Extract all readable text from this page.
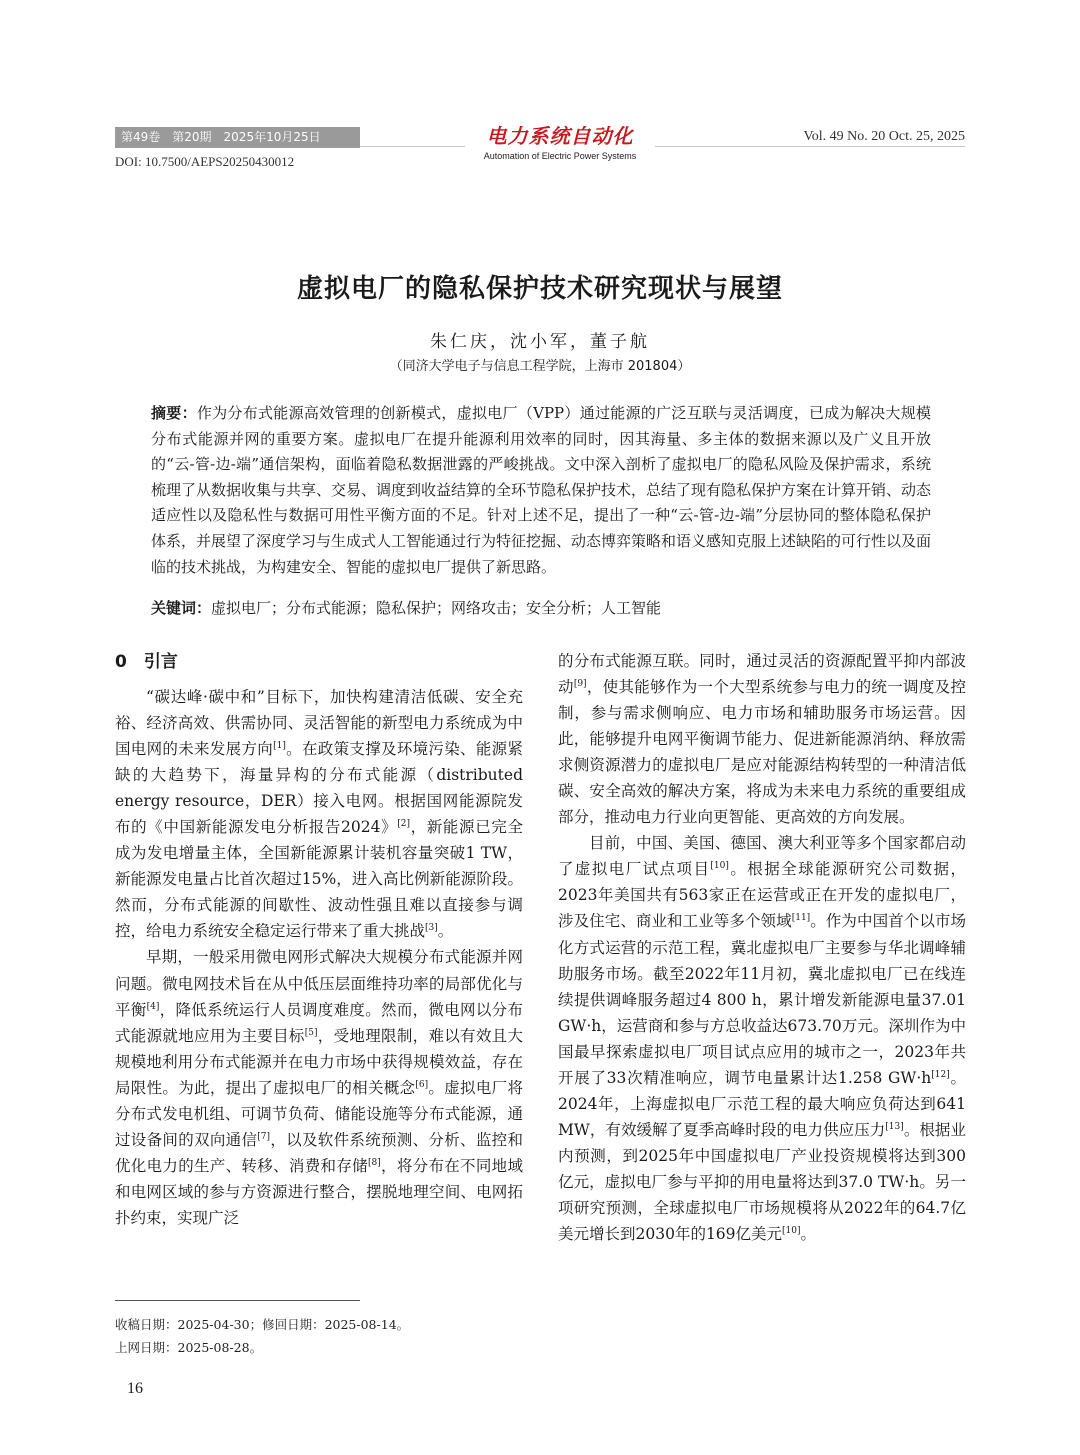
第49卷　第20期　2025年10月25日
DOI: 10.7500/AEPS20250430012
电力系统自动化
Automation of Electric Power Systems
Vol. 49 No. 20 Oct. 25, 2025
虚拟电厂的隐私保护技术研究现状与展望
朱仁庆，沈小军，董子航
（同济大学电子与信息工程学院，上海市 201804）
摘要：作为分布式能源高效管理的创新模式，虚拟电厂（VPP）通过能源的广泛互联与灵活调度，已成为解决大规模分布式能源并网的重要方案。虚拟电厂在提升能源利用效率的同时，因其海量、多主体的数据来源以及广义且开放的“云-管-边-端”通信架构，面临着隐私数据泄露的严峻挑战。文中深入剖析了虚拟电厂的隐私风险及保护需求，系统梳理了从数据收集与共享、交易、调度到收益结算的全环节隐私保护技术，总结了现有隐私保护方案在计算开销、动态适应性以及隐私性与数据可用性平衡方面的不足。针对上述不足，提出了一种“云-管-边-端”分层协同的整体隐私保护体系，并展望了深度学习与生成式人工智能通过行为特征挖掘、动态博弈策略和语义感知克服上述缺陷的可行性以及面临的技术挑战，为构建安全、智能的虚拟电厂提供了新思路。
关键词：虚拟电厂；分布式能源；隐私保护；网络攻击；安全分析；人工智能
0　引言

“碳达峰·碳中和”目标下，加快构建清洁低碳、安全充裕、经济高效、供需协同、灵活智能的新型电力系统成为中国电网的未来发展方向[1]。在政策支撑及环境污染、能源紧缺的大趋势下，海量异构的分布式能源（distributed energy resource，DER）接入电网。根据国网能源院发布的《中国新能源发电分析报告2024》[2]，新能源已完全成为发电增量主体，全国新能源累计装机容量突破1 TW，新能源发电量占比首次超过15%，进入高比例新能源阶段。然而，分布式能源的间歇性、波动性强且难以直接参与调控，给电力系统安全稳定运行带来了重大挑战[3]。

早期，一般采用微电网形式解决大规模分布式能源并网问题。微电网技术旨在从中低压层面维持功率的局部优化与平衡[4]，降低系统运行人员调度难度。然而，微电网以分布式能源就地应用为主要目标[5]，受地理限制，难以有效且大规模地利用分布式能源并在电力市场中获得规模效益，存在局限性。为此，提出了虚拟电厂的相关概念[6]。虚拟电厂将分布式发电机组、可调节负荷、储能设施等分布式能源，通过设备间的双向通信[7]，以及软件系统预测、分析、监控和优化电力的生产、转移、消费和存储[8]，将分布在不同地域和电网区域的参与方资源进行整合，摆脱地理空间、电网拓扑约束，实现广泛

的分布式能源互联。同时，通过灵活的资源配置平抑内部波动[9]，使其能够作为一个大型系统参与电力的统一调度及控制，参与需求侧响应、电力市场和辅助服务市场运营。因此，能够提升电网平衡调节能力、促进新能源消纳、释放需求侧资源潜力的虚拟电厂是应对能源结构转型的一种清洁低碳、安全高效的解决方案，将成为未来电力系统的重要组成部分，推动电力行业向更智能、更高效的方向发展。

目前，中国、美国、德国、澳大利亚等多个国家都启动了虚拟电厂试点项目[10]。根据全球能源研究公司数据，2023年美国共有563家正在运营或正在开发的虚拟电厂，涉及住宅、商业和工业等多个领域[11]。作为中国首个以市场化方式运营的示范工程，冀北虚拟电厂主要参与华北调峰辅助服务市场。截至2022年11月初，冀北虚拟电厂已在线连续提供调峰服务超过4 800 h，累计增发新能源电量37.01 GW·h，运营商和参与方总收益达673.70万元。深圳作为中国最早探索虚拟电厂项目试点应用的城市之一，2023年共开展了33次精准响应，调节电量累计达1.258 GW·h[12]。2024年，上海虚拟电厂示范工程的最大响应负荷达到641 MW，有效缓解了夏季高峰时段的电力供应压力[13]。根据业内预测，到2025年中国虚拟电厂产业投资规模将达到300亿元，虚拟电厂参与平抑的用电量将达到37.0 TW·h。另一项研究预测，全球虚拟电厂市场规模将从2022年的64.7亿美元增长到2030年的169亿美元[10]。

收稿日期：2025-04-30；修回日期：2025-08-14。
上网日期：2025-08-28。
16
